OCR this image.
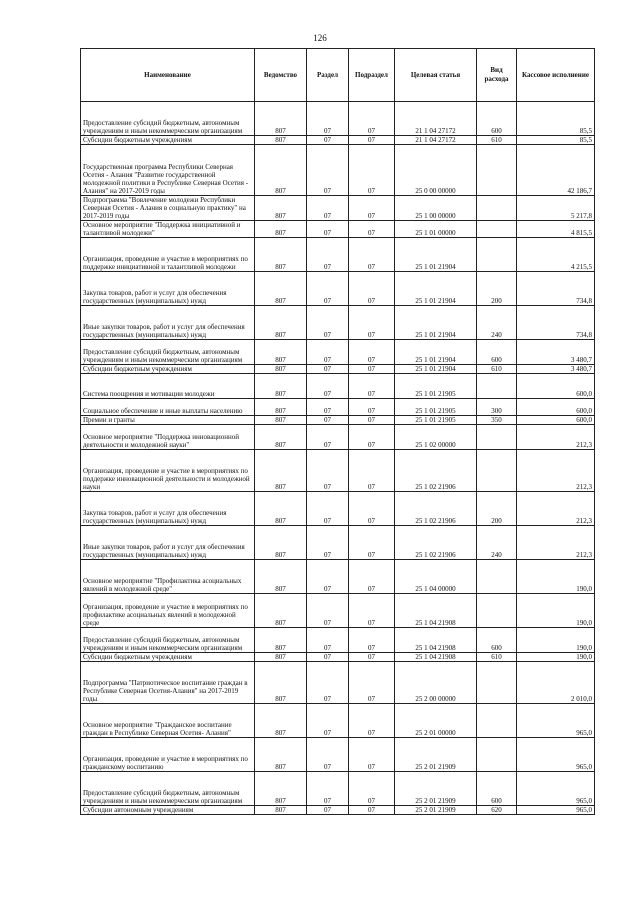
126
Наименование	Ведомство	Раздел	Подраздел	Целевая статья	Вид расхода	Кассовое исполнение
Предоставление субсидий бюджетным, автономным учреждениям и иным некоммерческим организациям	807	07	07	21 1 04 27172	600	85,5
Субсидии бюджетным учреждениям	807	07	07	21 1 04 27172	610	85,5
Государственная программа Республики Северная Осетия - Алания "Развитие государственной молодежной политики в Республике Северная Осетия - Алания" на 2017-2019 годы	807	07	07	25 0 00 00000		42 186,7
Подпрограмма "Вовлечение молодежи Республики Северная Осетия - Алания в социальную практику" на 2017-2019 годы	807	07	07	25 1 00 00000		5 217,8
Основное мероприятие "Поддержка инициативной и талантливой молодежи"	807	07	07	25 1 01 00000		4 815,5
Организация, проведение и участие в мероприятиях по поддержке инициативной и талантливой молодежи	807	07	07	25 1 01 21904		4 215,5
Закупка товаров, работ и услуг для обеспечения государственных (муниципальных) нужд	807	07	07	25 1 01 21904	200	734,8
Иные закупки товаров, работ и услуг для обеспечения государственных (муниципальных) нужд	807	07	07	25 1 01 21904	240	734,8
Предоставление субсидий бюджетным, автономным учреждениям и иным некоммерческим организациям	807	07	07	25 1 01 21904	600	3 480,7
Субсидии бюджетным учреждениям	807	07	07	25 1 01 21904	610	3 480,7
Система поощрения и мотивации молодежи	807	07	07	25 1 01 21905		600,0
Социальное обеспечение и иные выплаты населению	807	07	07	25 1 01 21905	300	600,0
Премии и гранты	807	07	07	25 1 01 21905	350	600,0
Основное мероприятие "Поддержка инновационной деятельности и молодежной науки"	807	07	07	25 1 02 00000		212,3
Организация, проведение и участие в мероприятиях по поддержке инновационной деятельности и молодежной науки	807	07	07	25 1 02 21906		212,3
Закупка товаров, работ и услуг для обеспечения государственных (муниципальных) нужд	807	07	07	25 1 02 21906	200	212,3
Иные закупки товаров, работ и услуг для обеспечения государственных (муниципальных) нужд	807	07	07	25 1 02 21906	240	212,3
Основное мероприятие "Профилактика асоциальных явлений в молодежной среде"	807	07	07	25 1 04 00000		190,0
Организация, проведение и участие в мероприятиях по профилактике асоциальных явлений в молодежной среде	807	07	07	25 1 04 21908		190,0
Предоставление субсидий бюджетным, автономным учреждениям и иным некоммерческим организациям	807	07	07	25 1 04 21908	600	190,0
Субсидии бюджетным учреждениям	807	07	07	25 1 04 21908	610	190,0
Подпрограмма "Патриотическое воспитание граждан в Республике Северная Осетия-Алания" на 2017-2019 годы	807	07	07	25 2 00 00000		2 010,0
Основное мероприятие "Гражданское воспитание граждан в Республике Северная Осетия- Алания"	807	07	07	25 2 01 00000		965,0
Организация, проведение и участие в мероприятиях по гражданскому воспитанию	807	07	07	25 2 01 21909		965,0
Предоставление субсидий бюджетным, автономным учреждениям и иным некоммерческим организациям	807	07	07	25 2 01 21909	600	965,0
Субсидии автономным учреждениям	807	07	07	25 2 01 21909	620	965,0
